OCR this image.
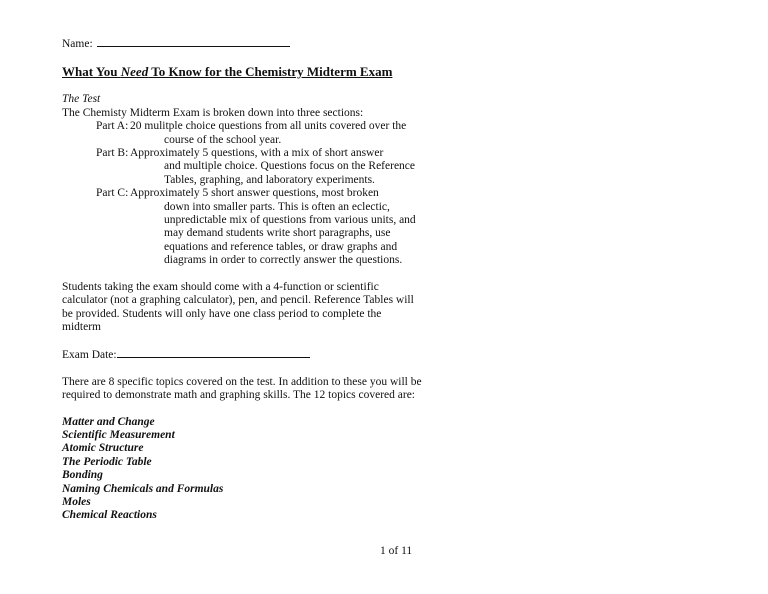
Name:
What You Need To Know for the Chemistry Midterm Exam
The Test
The Chemisty Midterm Exam is broken down into three sections:
Part A: 20 mulitple choice questions from all units covered over the
course of the school year.
Part B: Approximately 5 questions, with a mix of short answer
and multiple choice. Questions focus on the Reference Tables, graphing, and laboratory experiments.
Part C: Approximately 5 short answer questions, most broken
down into smaller parts. This is often an eclectic, unpredictable mix of questions from various units, and may demand students write short paragraphs, use equations and reference tables, or draw graphs and diagrams in order to correctly answer the questions.
Students taking the exam should come with a 4-function or scientific calculator (not a graphing calculator), pen, and pencil. Reference Tables will be provided. Students will only have one class period to complete the midterm
Exam Date:
There are 8 specific topics covered on the test. In addition to these you will be required to demonstrate math and graphing skills. The 12 topics covered are:
Matter and Change
Scientific Measurement
Atomic Structure
The Periodic Table
Bonding
Naming Chemicals and Formulas
Moles
Chemical Reactions
1 of 11
